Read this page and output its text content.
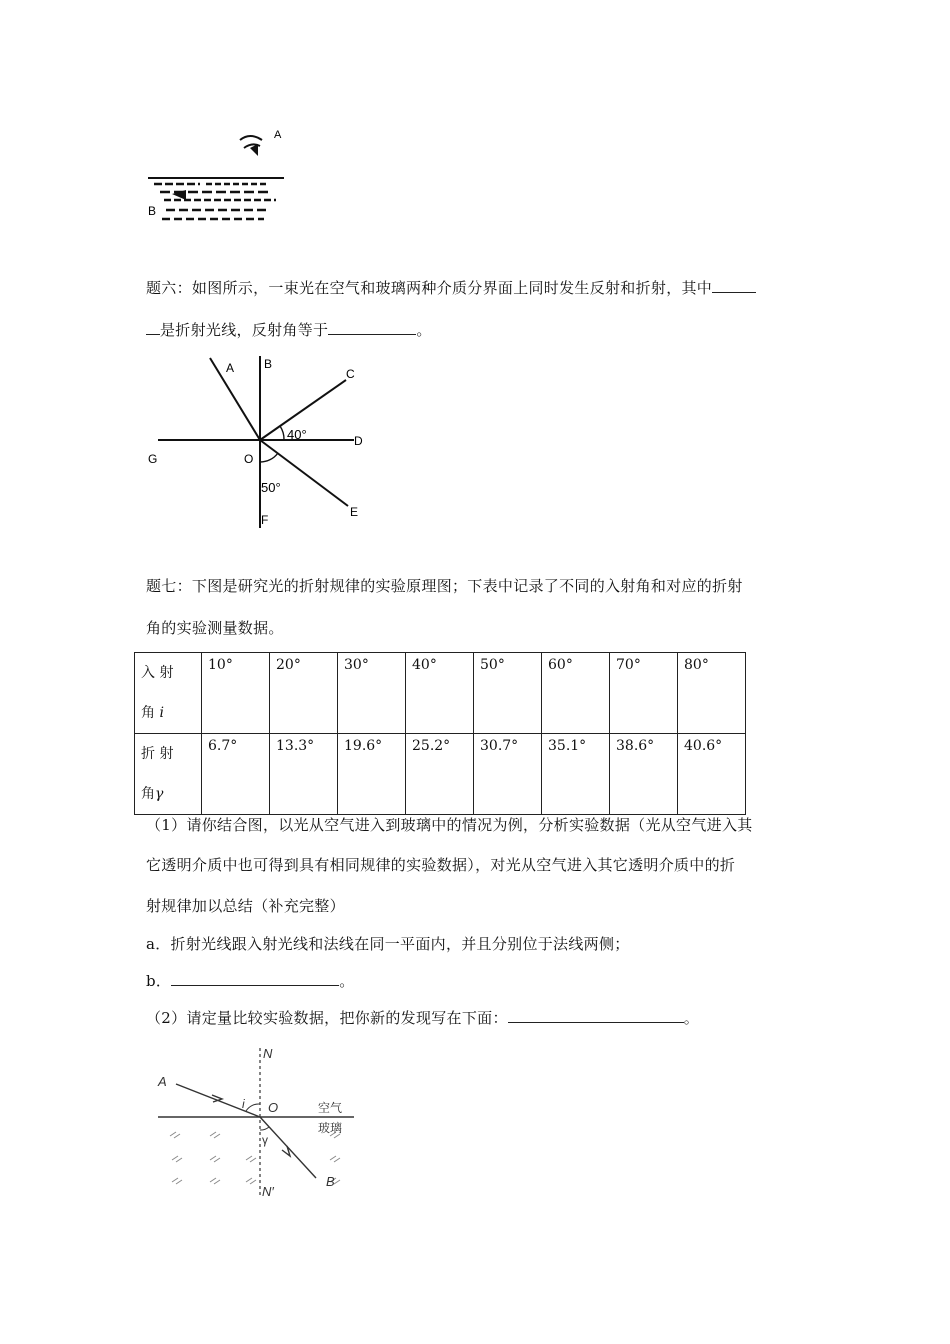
A
B
题六：如图所示，一束光在空气和玻璃两种介质分界面上同时发生反射和折射，其中
是折射光线，反射角等于	。
A B
C
D
E
F
G	O
40°
50°
题七：下图是研究光的折射规律的实验原理图；下表中记录了不同的入射角和对应的折射
角的实验测量数据。
入 射
角 i	10°	20°	30°	40°	50°	60°	70°	80°
折 射
角γ	6.7°	13.3°	19.6°	25.2°	30.7°	35.1°	38.6°	40.6°
（1）请你结合图，以光从空气进入到玻璃中的情况为例，分析实验数据（光从空气进入其
它透明介质中也可得到具有相同规律的实验数据），对光从空气进入其它透明介质中的折
射规律加以总结（补充完整）
a．折射光线跟入射光线和法线在同一平面内，并且分别位于法线两侧；
b．	。
（2）请定量比较实验数据，把你新的发现写在下面：	。
N
N′
A
B
O
i
γ
空气
玻璃
